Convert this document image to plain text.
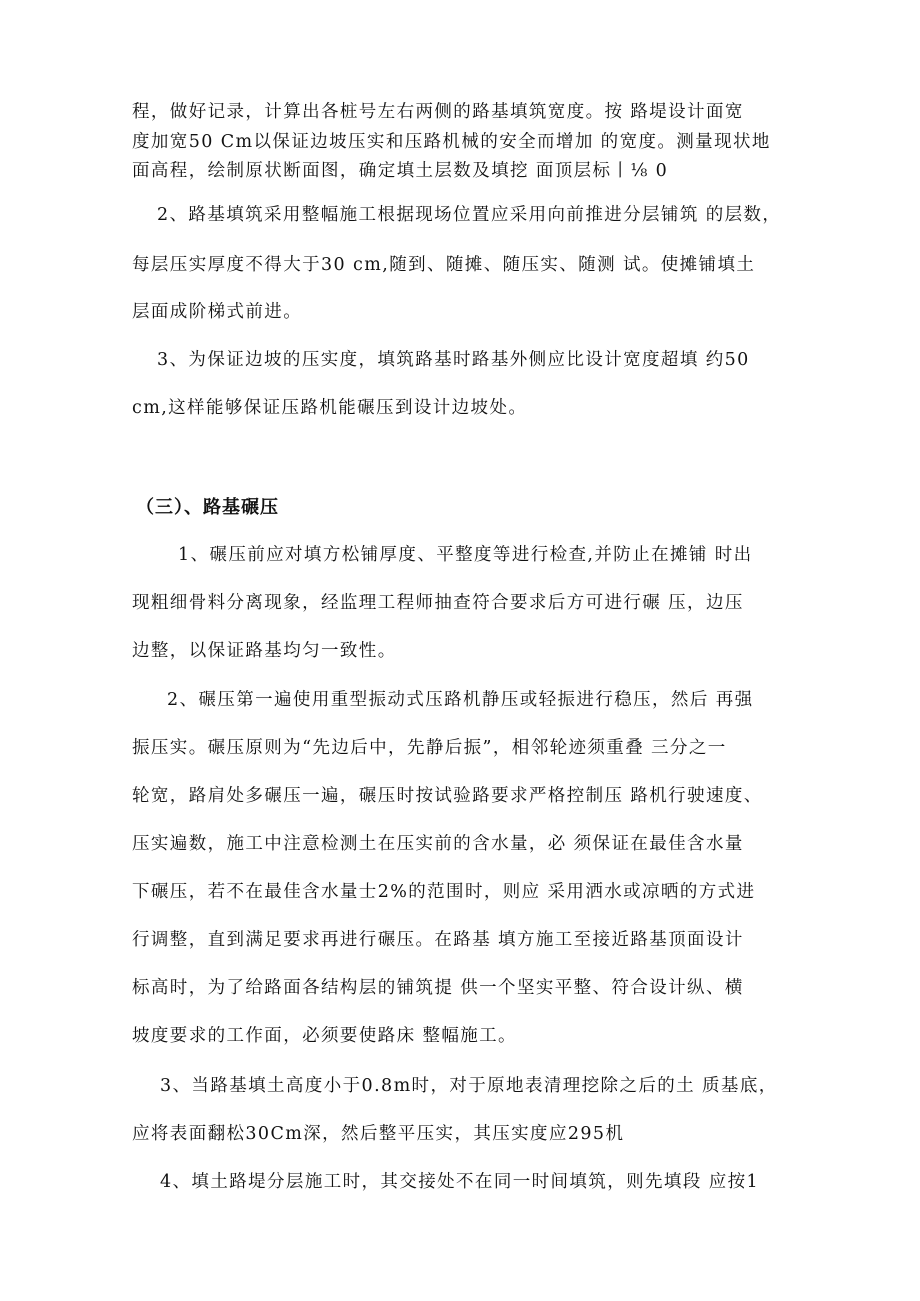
程，做好记录，计算出各桩号左右两侧的路基填筑宽度。按 路堤设计面宽
度加宽50 Cm以保证边坡压实和压路机械的安全而增加 的宽度。测量现状地
面高程，绘制原状断面图，确定填土层数及填挖 面顶层标丨⅛ 0
2、路基填筑采用整幅施工根据现场位置应采用向前推进分层铺筑 的层数，
每层压实厚度不得大于30 cm,随到、随摊、随压实、随测 试。使摊铺填土
层面成阶梯式前进。
3、为保证边坡的压实度，填筑路基时路基外侧应比设计宽度超填 约50
cm,这样能够保证压路机能碾压到设计边坡处。
（三）、路基碾压
1、碾压前应对填方松铺厚度、平整度等进行检查,并防止在摊铺 时出
现粗细骨料分离现象，经监理工程师抽查符合要求后方可进行碾 压，边压
边整，以保证路基均匀一致性。
2、碾压第一遍使用重型振动式压路机静压或轻振进行稳压，然后 再强
振压实。碾压原则为“先边后中，先静后振”，相邻轮迹须重叠 三分之一
轮宽，路肩处多碾压一遍，碾压时按试验路要求严格控制压 路机行驶速度、
压实遍数，施工中注意检测土在压实前的含水量，必 须保证在最佳含水量
下碾压，若不在最佳含水量士2%的范围时，则应 采用洒水或凉晒的方式进
行调整，直到满足要求再进行碾压。在路基 填方施工至接近路基顶面设计
标高时，为了给路面各结构层的铺筑提 供一个坚实平整、符合设计纵、横
坡度要求的工作面，必须要使路床 整幅施工。
3、当路基填土高度小于0.8m时，对于原地表清理挖除之后的土 质基底，
应将表面翻松30Cm深，然后整平压实，其压实度应295机
4、填土路堤分层施工时，其交接处不在同一时间填筑，则先填段 应按1
